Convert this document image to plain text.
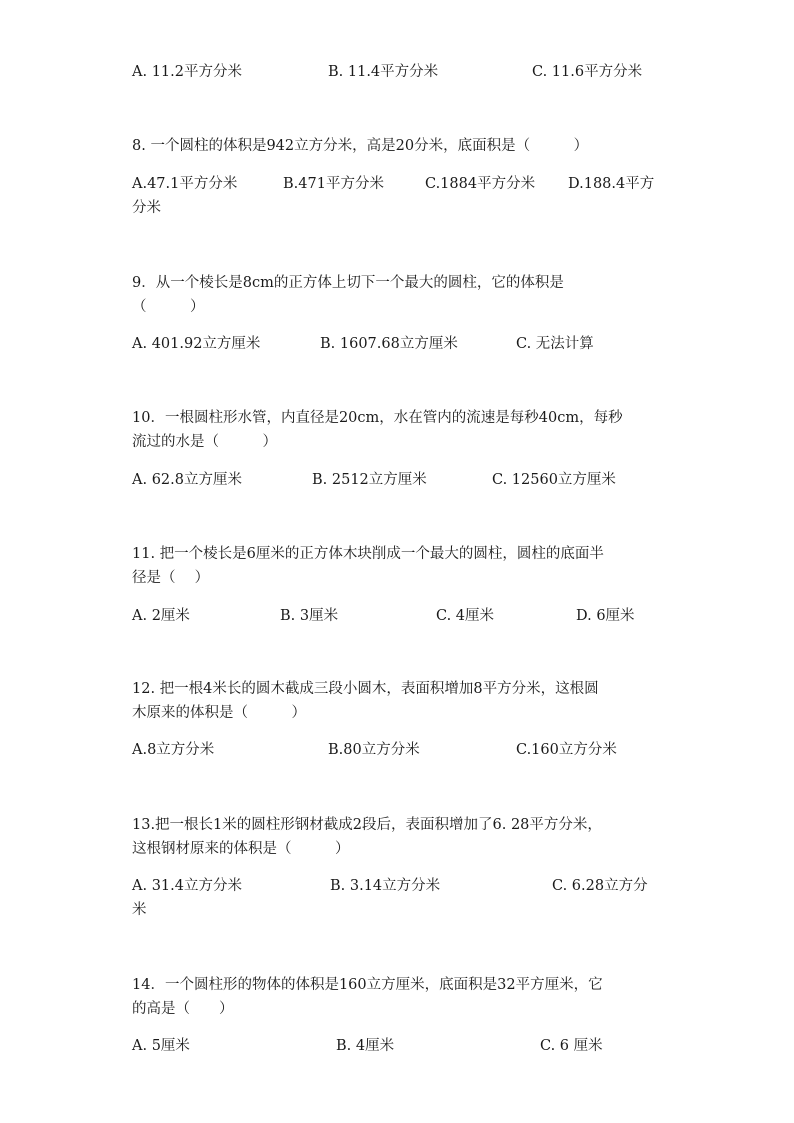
A. 11.2平方分米	B. 11.4平方分米	C. 11.6平方分米
8. 一个圆柱的体积是942立方分米，高是20分米，底面积是（　　　）
A.47.1平方分米	B.471平方分米	C.1884平方分米 D.188.4平方
分米
9．从一个棱长是8cm的正方体上切下一个最大的圆柱，它的体积是
（　　　）
A. 401.92立方厘米	B. 1607.68立方厘米	C. 无法计算
10．一根圆柱形水管，内直径是20cm，水在管内的流速是每秒40cm，每秒
流过的水是（　　　）
A. 62.8立方厘米	B. 2512立方厘米	C. 12560立方厘米
11. 把一个棱长是6厘米的正方体木块削成一个最大的圆柱，圆柱的底面半
径是（　 ）
A. 2厘米	B. 3厘米	C. 4厘米	D. 6厘米
12. 把一根4米长的圆木截成三段小圆木，表面积增加8平方分米，这根圆
木原来的体积是（　　　）
A.8立方分米	B.80立方分米	C.160立方分米
13.把一根长1米的圆柱形钢材截成2段后，表面积增加了6. 28平方分米，
这根钢材原来的体积是（　　　）
A. 31.4立方分米	B. 3.14立方分米	C. 6.28立方分
米
14．一个圆柱形的物体的体积是160立方厘米，底面积是32平方厘米，它
的高是（　　）
A. 5厘米	B. 4厘米	C. 6 厘米
